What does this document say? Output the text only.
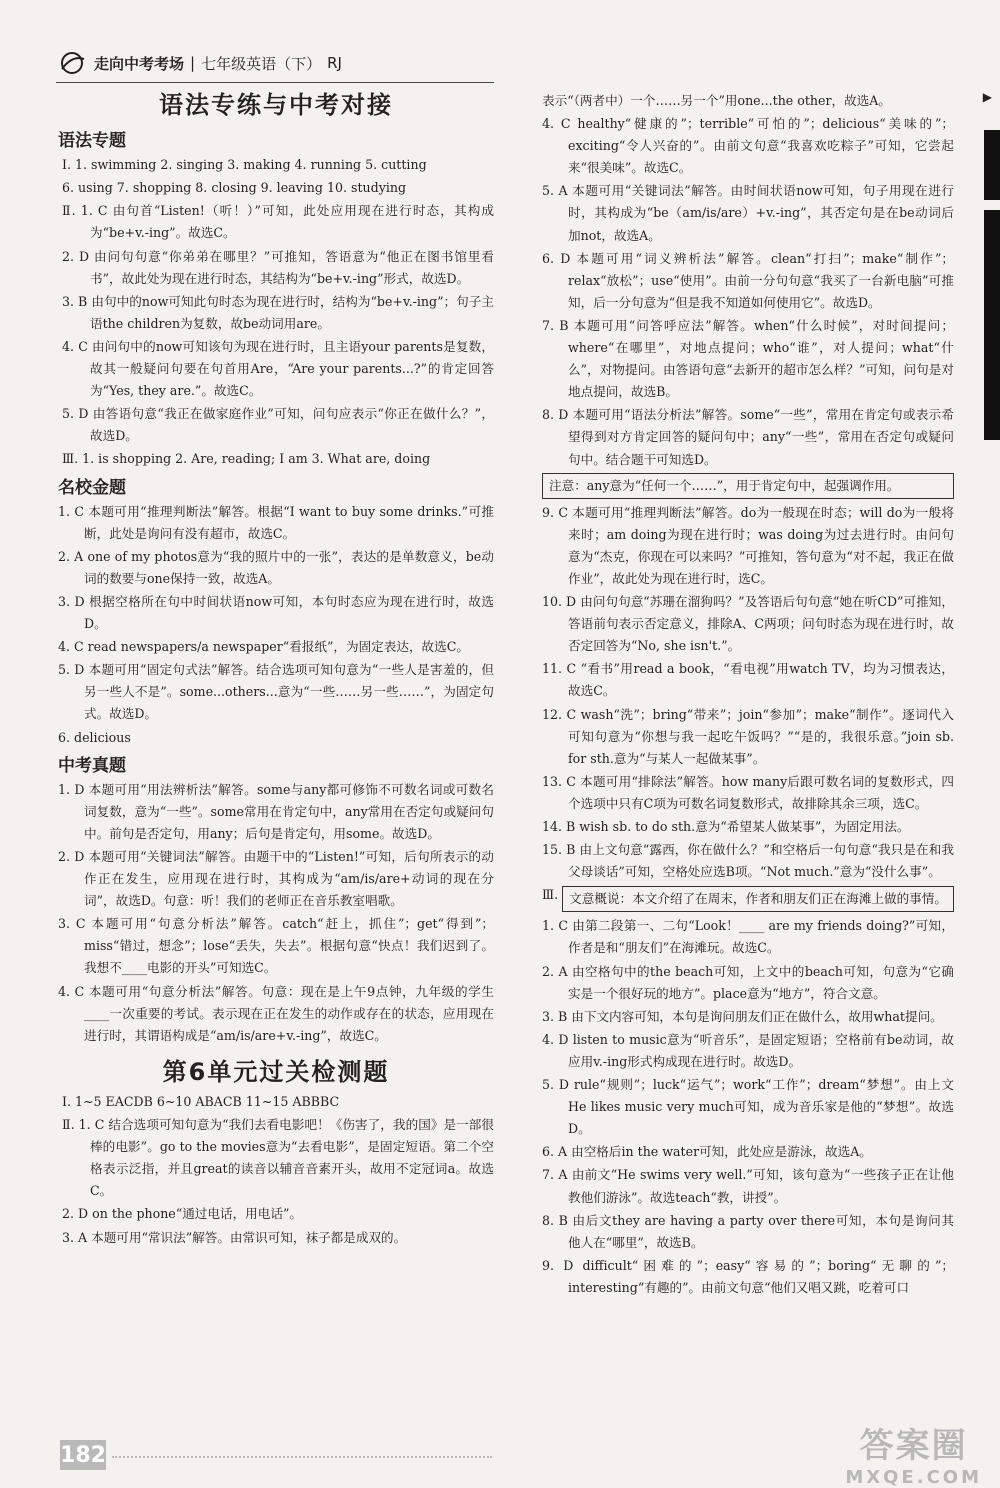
走向中考考场 | 七年级英语（下） RJ
语法专练与中考对接
语法专题

Ⅰ. 1. swimming 2. singing 3. making 4. running 5. cutting

6. using 7. shopping 8. closing 9. leaving 10. studying

Ⅱ. 1. C 由句首“Listen!（听！）”可知，此处应用现在进行时态，其构成为“be+v.-ing”。故选C。

2. D 由问句句意“你弟弟在哪里？”可推知，答语意为“他正在图书馆里看书”，故此处为现在进行时态，其结构为“be+v.-ing”形式，故选D。

3. B 由句中的now可知此句时态为现在进行时，结构为“be+v.-ing”；句子主语the children为复数，故be动词用are。

4. C 由问句中的now可知该句为现在进行时，且主语your parents是复数，故其一般疑问句要在句首用Are，“Are your parents...?”的肯定回答为“Yes, they are.”。故选C。

5. D 由答语句意“我正在做家庭作业”可知，问句应表示“你正在做什么？”，故选D。

Ⅲ. 1. is shopping 2. Are, reading; I am 3. What are, doing

名校金题

1. C 本题可用“推理判断法”解答。根据“I want to buy some drinks.”可推断，此处是询问有没有超市，故选C。

2. A one of my photos意为“我的照片中的一张”，表达的是单数意义，be动词的数要与one保持一致，故选A。

3. D 根据空格所在句中时间状语now可知，本句时态应为现在进行时，故选D。

4. C read newspapers/a newspaper“看报纸”，为固定表达，故选C。

5. D 本题可用“固定句式法”解答。结合选项可知句意为“一些人是害羞的，但另一些人不是”。some...others...意为“一些……另一些……”，为固定句式。故选D。

6. delicious

中考真题

1. D 本题可用“用法辨析法”解答。some与any都可修饰不可数名词或可数名词复数，意为“一些”。some常用在肯定句中，any常用在否定句或疑问句中。前句是否定句，用any；后句是肯定句，用some。故选D。

2. D 本题可用“关键词法”解答。由题干中的“Listen!”可知，后句所表示的动作正在发生，应用现在进行时，其构成为“am/is/are+动词的现在分词”，故选D。句意：听！我们的老师正在音乐教室唱歌。

3. C 本题可用“句意分析法”解答。catch“赶上，抓住”；get“得到”；miss“错过，想念”；lose“丢失，失去”。根据句意“快点！我们迟到了。我想不____电影的开头”可知选C。

4. C 本题可用“句意分析法”解答。句意：现在是上午9点钟，九年级的学生____一次重要的考试。表示现在正在发生的动作或存在的状态，应用现在进行时，其谓语构成是“am/is/are+v.-ing”，故选C。

第6单元过关检测题

Ⅰ. 1~5 EACDB 6~10 ABACB 11~15 ABBBC

Ⅱ. 1. C 结合选项可知句意为“我们去看电影吧！《伤害了，我的国》是一部很棒的电影”。go to the movies意为“去看电影”，是固定短语。第二个空格表示泛指，并且great的读音以辅音音素开头，故用不定冠词a。故选C。

2. D on the phone“通过电话，用电话”。

3. A 本题可用“常识法”解答。由常识可知，袜子都是成双的。

表示“（两者中）一个……另一个”用one...the other，故选A。

4. C healthy“健康的”；terrible“可怕的”；delicious“美味的”；exciting“令人兴奋的”。由前文句意“我喜欢吃粽子”可知，它尝起来“很美味”。故选C。

5. A 本题可用“关键词法”解答。由时间状语now可知，句子用现在进行时，其构成为“be（am/is/are）+v.-ing”，其否定句是在be动词后加not，故选A。

6. D 本题可用“词义辨析法”解答。clean“打扫”；make“制作”；relax“放松”；use“使用”。由前一分句句意“我买了一台新电脑”可推知，后一分句意为“但是我不知道如何使用它”。故选D。

7. B 本题可用“问答呼应法”解答。when“什么时候”，对时间提问；where“在哪里”，对地点提问；who“谁”，对人提问；what“什么”，对物提问。由答语句意“去新开的超市怎么样？”可知，问句是对地点提问，故选B。

8. D 本题可用“语法分析法”解答。some“一些”，常用在肯定句或表示希望得到对方肯定回答的疑问句中；any“一些”，常用在否定句或疑问句中。结合题干可知选D。

注意：any意为“任何一个……”，用于肯定句中，起强调作用。

9. C 本题可用“推理判断法”解答。do为一般现在时态；will do为一般将来时；am doing为现在进行时；was doing为过去进行时。由问句意为“杰克，你现在可以来吗？”可推知，答句意为“对不起，我正在做作业”，故此处为现在进行时，选C。

10. D 由问句句意“苏珊在溜狗吗？”及答语后句句意“她在听CD”可推知，答语前句表示否定意义，排除A、C两项；问句时态为现在进行时，故否定回答为“No, she isn't.”。

11. C “看书”用read a book，“看电视”用watch TV，均为习惯表达，故选C。

12. C wash“洗”；bring“带来”；join“参加”；make“制作”。逐词代入可知句意为“你想与我一起吃午饭吗？”“是的，我很乐意。”join sb. for sth.意为“与某人一起做某事”。

13. C 本题可用“排除法”解答。how many后跟可数名词的复数形式，四个选项中只有C项为可数名词复数形式，故排除其余三项，选C。

14. B wish sb. to do sth.意为“希望某人做某事”，为固定用法。

15. B 由上文句意“露西，你在做什么？”和空格后一句句意“我只是在和我父母谈话”可知，空格处应选B项。“Not much.”意为“没什么事”。

Ⅲ. 文意概说：本文介绍了在周末，作者和朋友们正在海滩上做的事情。

1. C 由第二段第一、二句“Look！____ are my friends doing?”可知，作者是和“朋友们”在海滩玩。故选C。

2. A 由空格句中的the beach可知，上文中的beach可知，句意为“它确实是一个很好玩的地方”。place意为“地方”，符合文意。

3. B 由下文内容可知，本句是询问朋友们正在做什么，故用what提问。

4. D listen to music意为“听音乐”，是固定短语；空格前有be动词，故应用v.-ing形式构成现在进行时。故选D。

5. D rule“规则”；luck“运气”；work“工作”；dream“梦想”。由上文He likes music very much可知，成为音乐家是他的“梦想”。故选D。

6. A 由空格后in the water可知，此处应是游泳，故选A。

7. A 由前文“He swims very well.”可知，该句意为“一些孩子正在让他教他们游泳”。故选teach“教，讲授”。

8. B 由后文they are having a party over there可知，本句是询问其他人在“哪里”，故选B。

9. D difficult“困难的”；easy“容易的”；boring“无聊的”；interesting“有趣的”。由前文句意“他们又唱又跳，吃着可口

▶
182	答案圈
MXQE.COM
